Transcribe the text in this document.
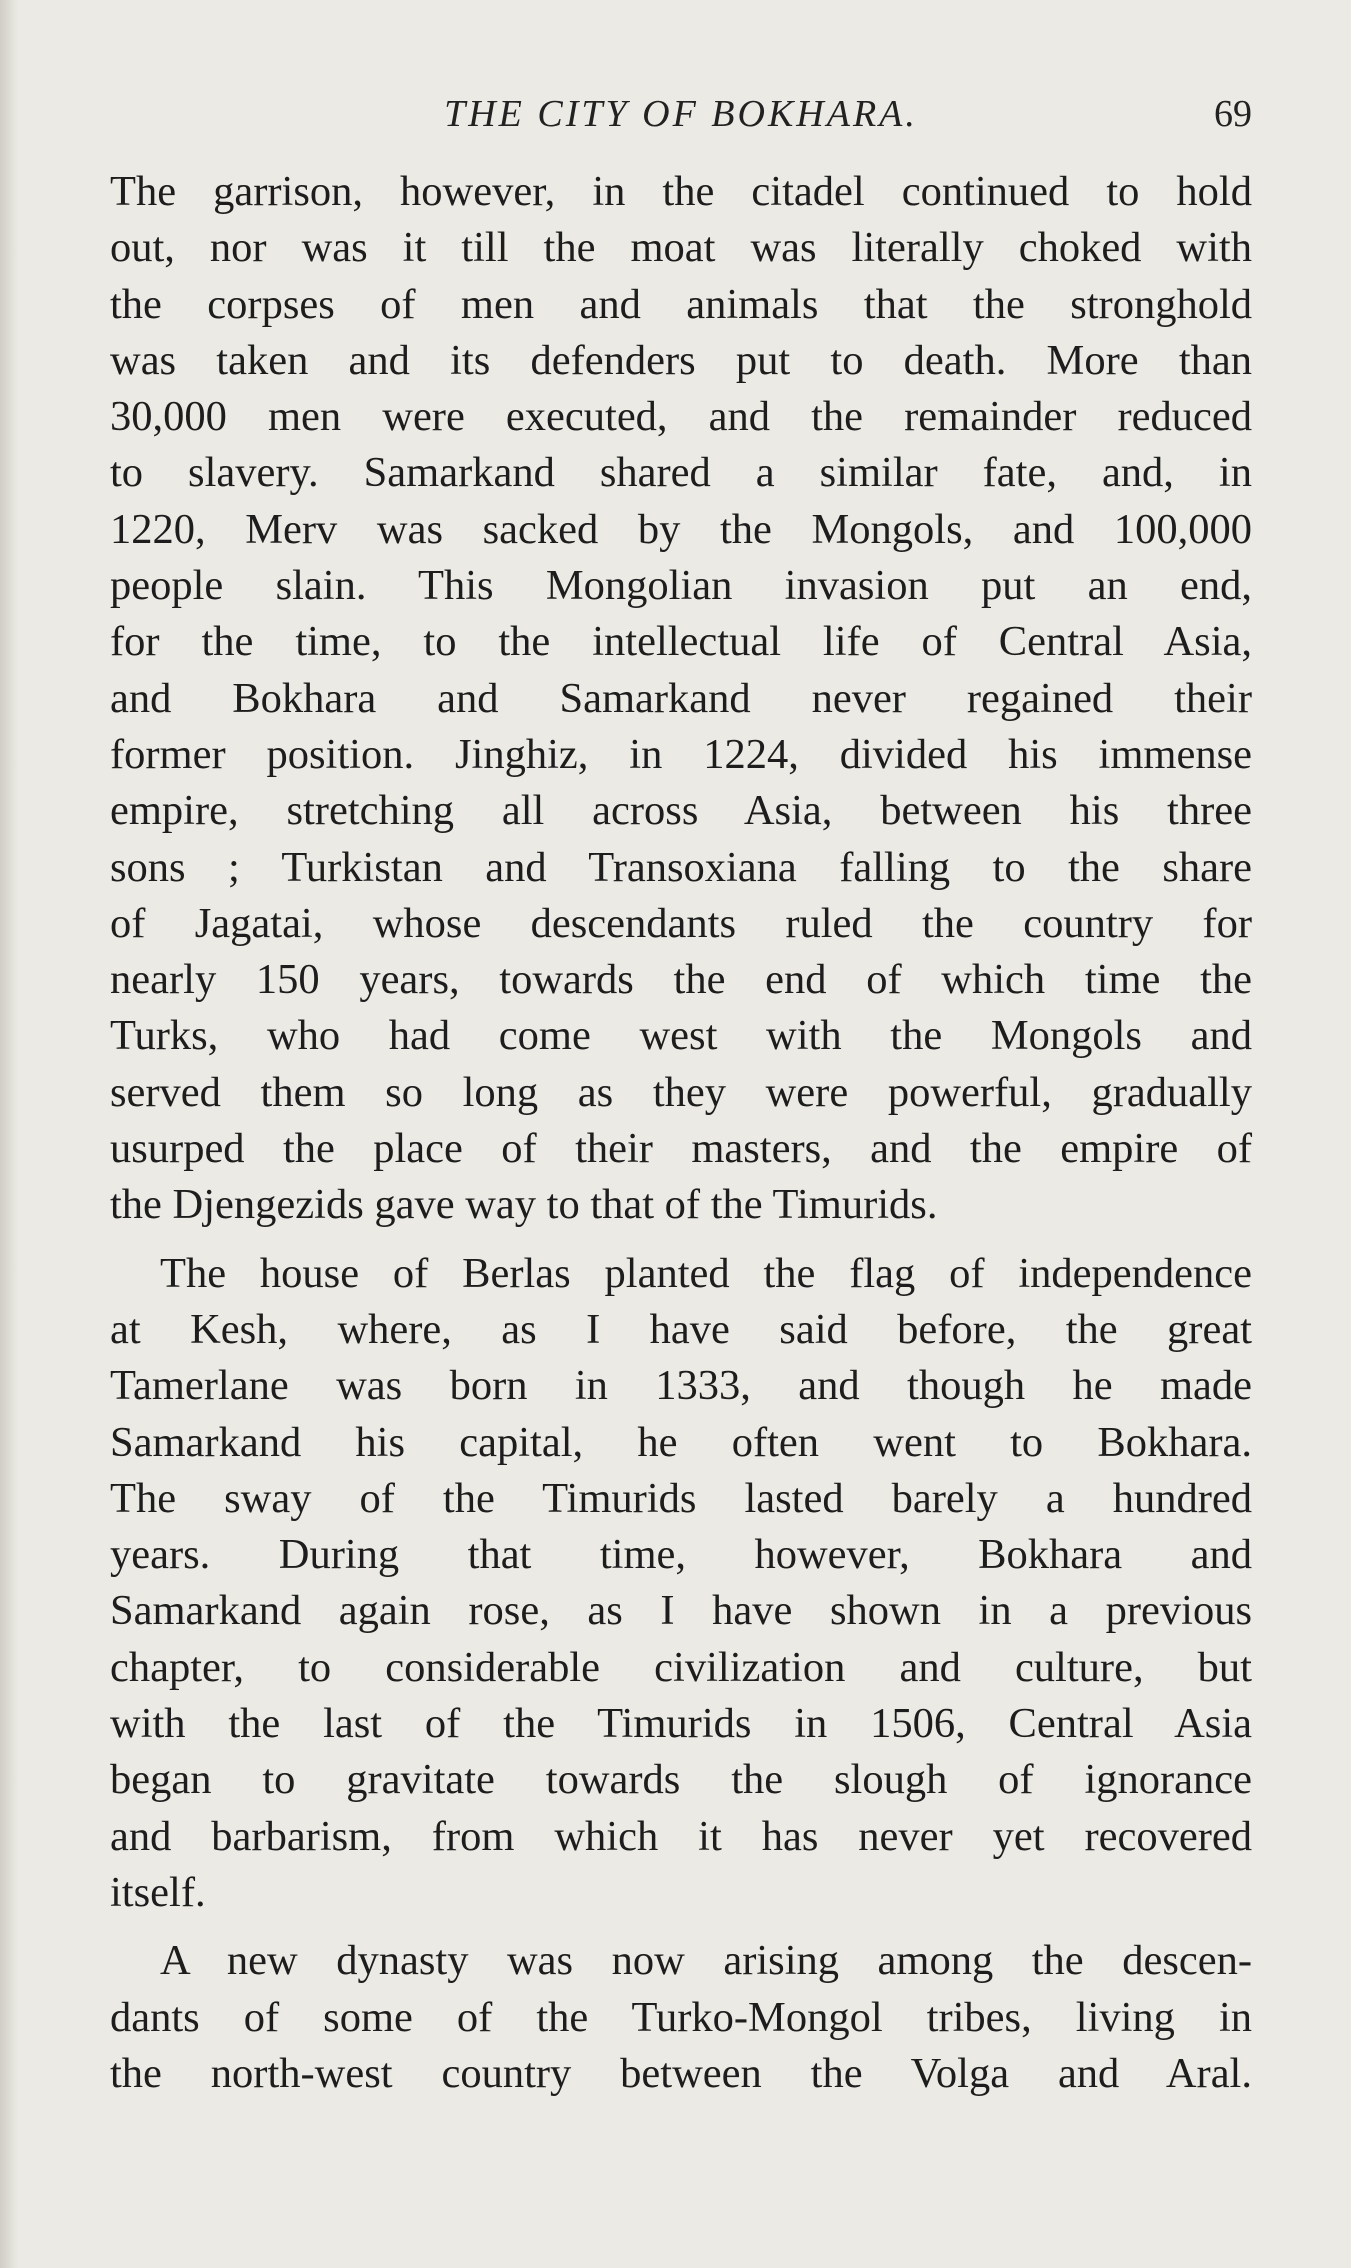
THE CITY OF BOKHARA.	69

The garrison, however, in the citadel continued to hold
out, nor was it till the moat was literally choked with
the corpses of men and animals that the stronghold
was taken and its defenders put to death. More than
30,000 men were executed, and the remainder reduced
to slavery. Samarkand shared a similar fate, and, in
1220, Merv was sacked by the Mongols, and 100,000
people slain. This Mongolian invasion put an end,
for the time, to the intellectual life of Central Asia,
and Bokhara and Samarkand never regained their
former position. Jinghiz, in 1224, divided his immense
empire, stretching all across Asia, between his three
sons ; Turkistan and Transoxiana falling to the share
of Jagatai, whose descendants ruled the country for
nearly 150 years, towards the end of which time the
Turks, who had come west with the Mongols and
served them so long as they were powerful, gradually
usurped the place of their masters, and the empire of
the Djengezids gave way to that of the Timurids.

The house of Berlas planted the flag of independence
at Kesh, where, as I have said before, the great
Tamerlane was born in 1333, and though he made
Samarkand his capital, he often went to Bokhara.
The sway of the Timurids lasted barely a hundred
years. During that time, however, Bokhara and
Samarkand again rose, as I have shown in a previous
chapter, to considerable civilization and culture, but
with the last of the Timurids in 1506, Central Asia
began to gravitate towards the slough of ignorance
and barbarism, from which it has never yet recovered
itself.

A new dynasty was now arising among the descen-
dants of some of the Turko-Mongol tribes, living in
the north-west country between the Volga and Aral.
